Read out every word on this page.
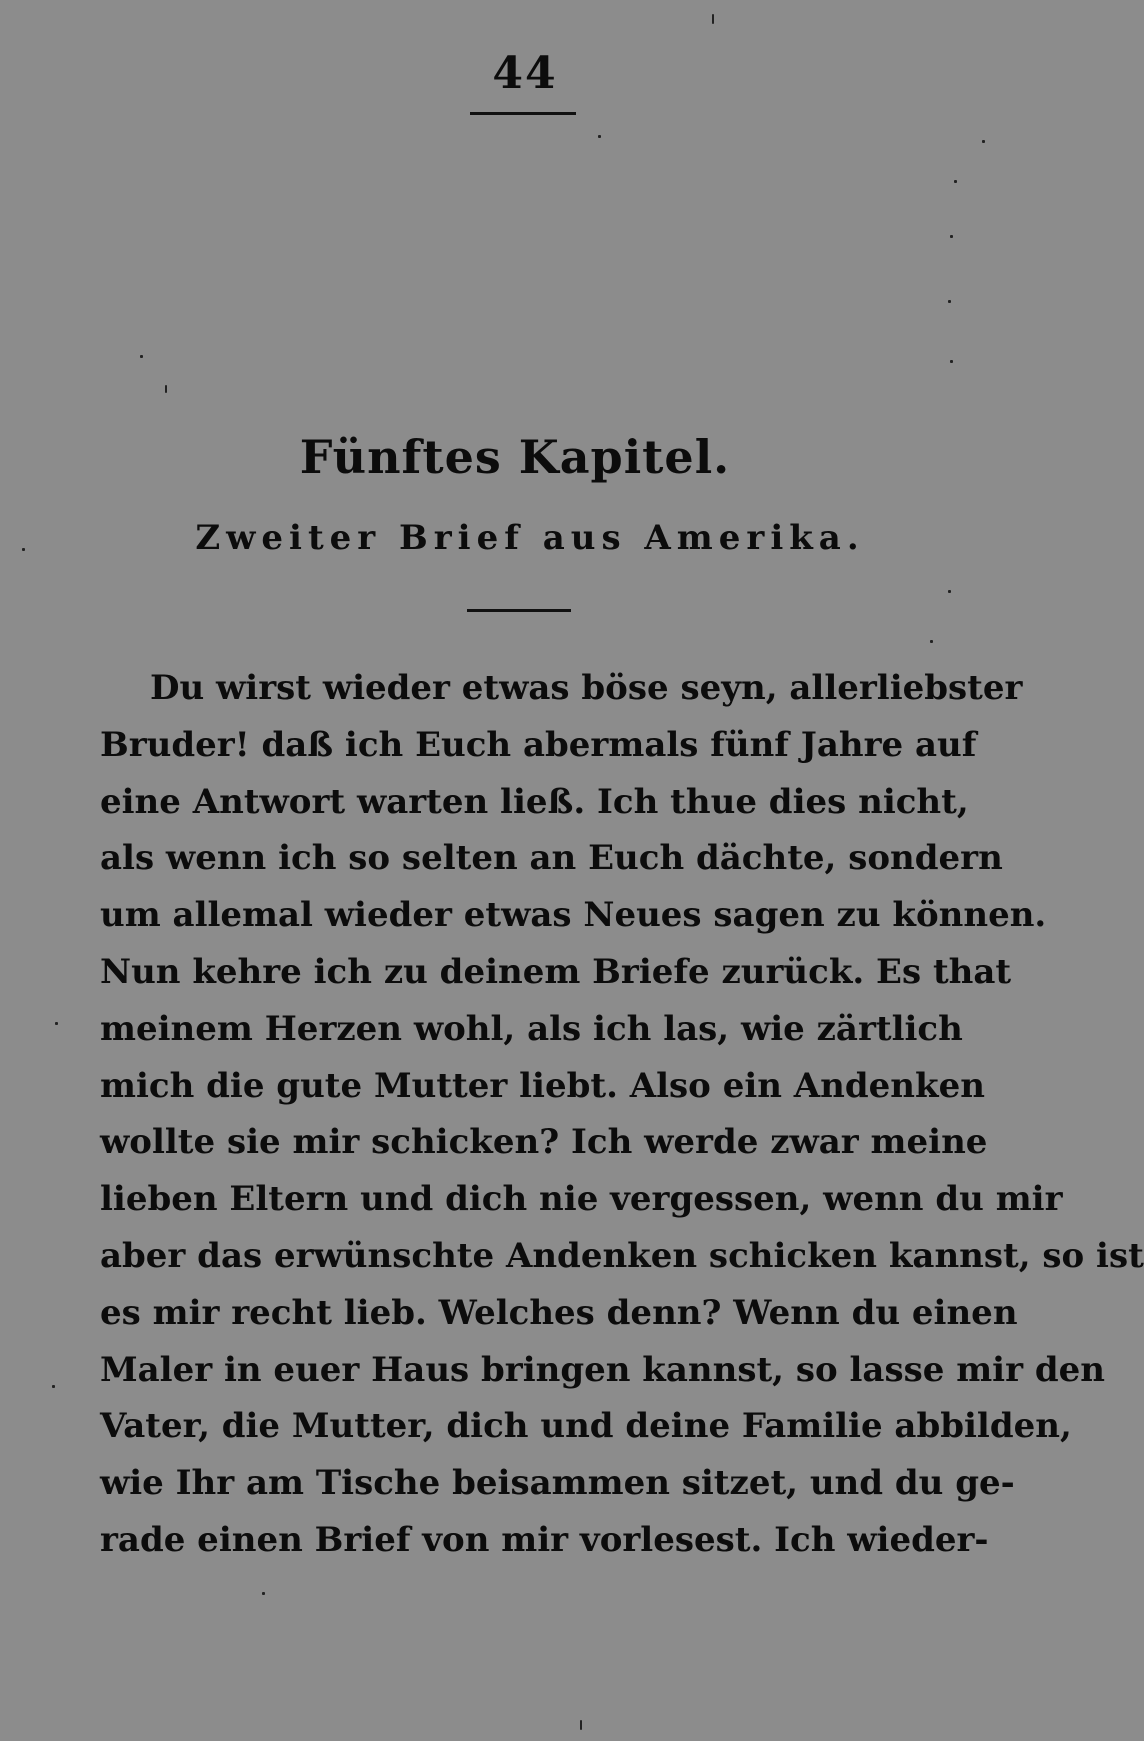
44
Fünftes Kapitel.
Zweiter Brief aus Amerika.
Du wirst wieder etwas böse seyn, allerliebster
Bruder! daß ich Euch abermals fünf Jahre auf
eine Antwort warten ließ. Ich thue dies nicht,
als wenn ich so selten an Euch dächte, sondern
um allemal wieder etwas Neues sagen zu können.
Nun kehre ich zu deinem Briefe zurück. Es that
meinem Herzen wohl, als ich las, wie zärtlich
mich die gute Mutter liebt. Also ein Andenken
wollte sie mir schicken? Ich werde zwar meine
lieben Eltern und dich nie vergessen, wenn du mir
aber das erwünschte Andenken schicken kannst, so ist
es mir recht lieb. Welches denn? Wenn du einen
Maler in euer Haus bringen kannst, so lasse mir den
Vater, die Mutter, dich und deine Familie abbilden,
wie Ihr am Tische beisammen sitzet, und du ge-
rade einen Brief von mir vorlesest. Ich wieder-
